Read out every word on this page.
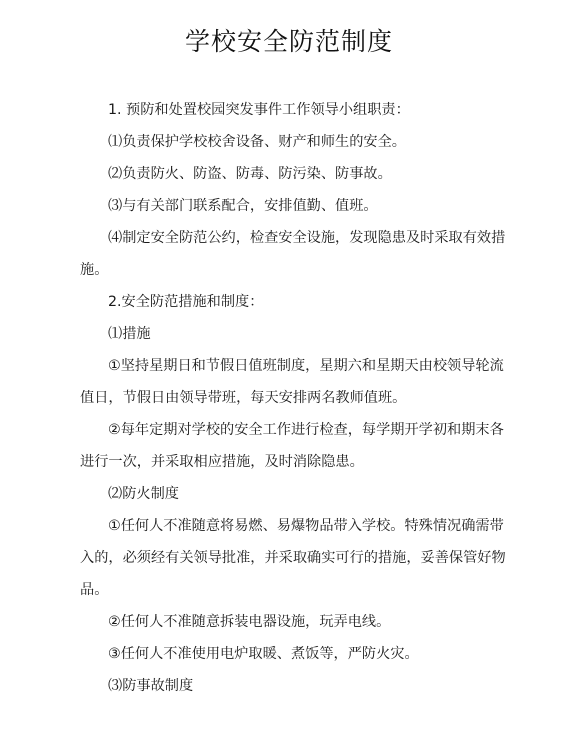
学校安全防范制度

1. 预防和处置校园突发事件工作领导小组职责：

⑴负责保护学校校舍设备、财产和师生的安全。

⑵负责防火、防盗、防毒、防污染、防事故。

⑶与有关部门联系配合，安排值勤、值班。

⑷制定安全防范公约，检查安全设施，发现隐患及时采取有效措施。

2.安全防范措施和制度：

⑴措施

①坚持星期日和节假日值班制度，星期六和星期天由校领导轮流值日，节假日由领导带班，每天安排两名教师值班。

②每年定期对学校的安全工作进行检查，每学期开学初和期末各进行一次，并采取相应措施，及时消除隐患。

⑵防火制度

①任何人不准随意将易燃、易爆物品带入学校。特殊情况确需带入的，必须经有关领导批准，并采取确实可行的措施，妥善保管好物品。

②任何人不准随意拆装电器设施，玩弄电线。

③任何人不准使用电炉取暖、煮饭等，严防火灾。

⑶防事故制度
